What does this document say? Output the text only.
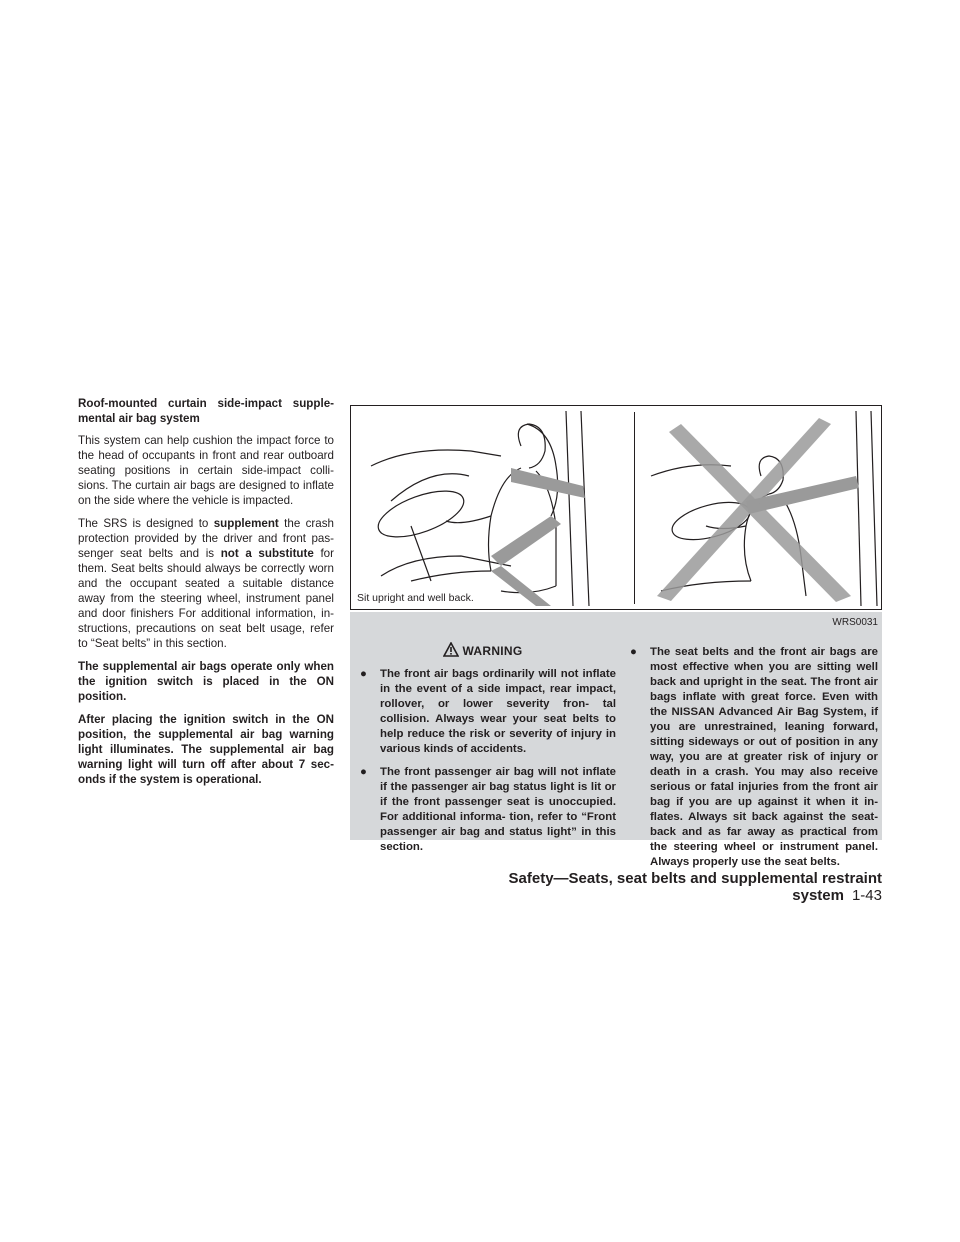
Roof-mounted curtain side-impact supple- mental air bag system

This system can help cushion the impact force to the head of occupants in front and rear outboard seating positions in certain side-impact colli- sions. The curtain air bags are designed to inflate on the side where the vehicle is impacted.

The SRS is designed to supplement the crash protection provided by the driver and front pas- senger seat belts and is not a substitute for them. Seat belts should always be correctly worn and the occupant seated a suitable distance away from the steering wheel, instrument panel and door finishers For additional information, in- structions, precautions on seat belt usage, refer to “Seat belts” in this section.

The supplemental air bags operate only when the ignition switch is placed in the ON position.

After placing the ignition switch in the ON position, the supplemental air bag warning light illuminates. The supplemental air bag warning light will turn off after about 7 sec- onds if the system is operational.

Sit upright and well back.
WRS0031
WARNING
● The front air bags ordinarily will not inflate in the event of a side impact, rear impact, rollover, or lower severity fron- tal collision. Always wear your seat belts to help reduce the risk or severity of injury in various kinds of accidents.
● The front passenger air bag will not inflate if the passenger air bag status light is lit or if the front passenger seat is unoccupied. For additional informa- tion, refer to “Front passenger air bag and status light” in this section.
● The seat belts and the front air bags are most effective when you are sitting well back and upright in the seat. The front air bags inflate with great force. Even with the NISSAN Advanced Air Bag System, if you are unrestrained, leaning forward, sitting sideways or out of position in any way, you are at greater risk of injury or death in a crash. You may also receive serious or fatal injuries from the front air bag if you are up against it when it in- flates. Always sit back against the seat- back and as far away as practical from the steering wheel or instrument panel. Always properly use the seat belts.
Safety—Seats, seat belts and supplemental restraint system 1-43
